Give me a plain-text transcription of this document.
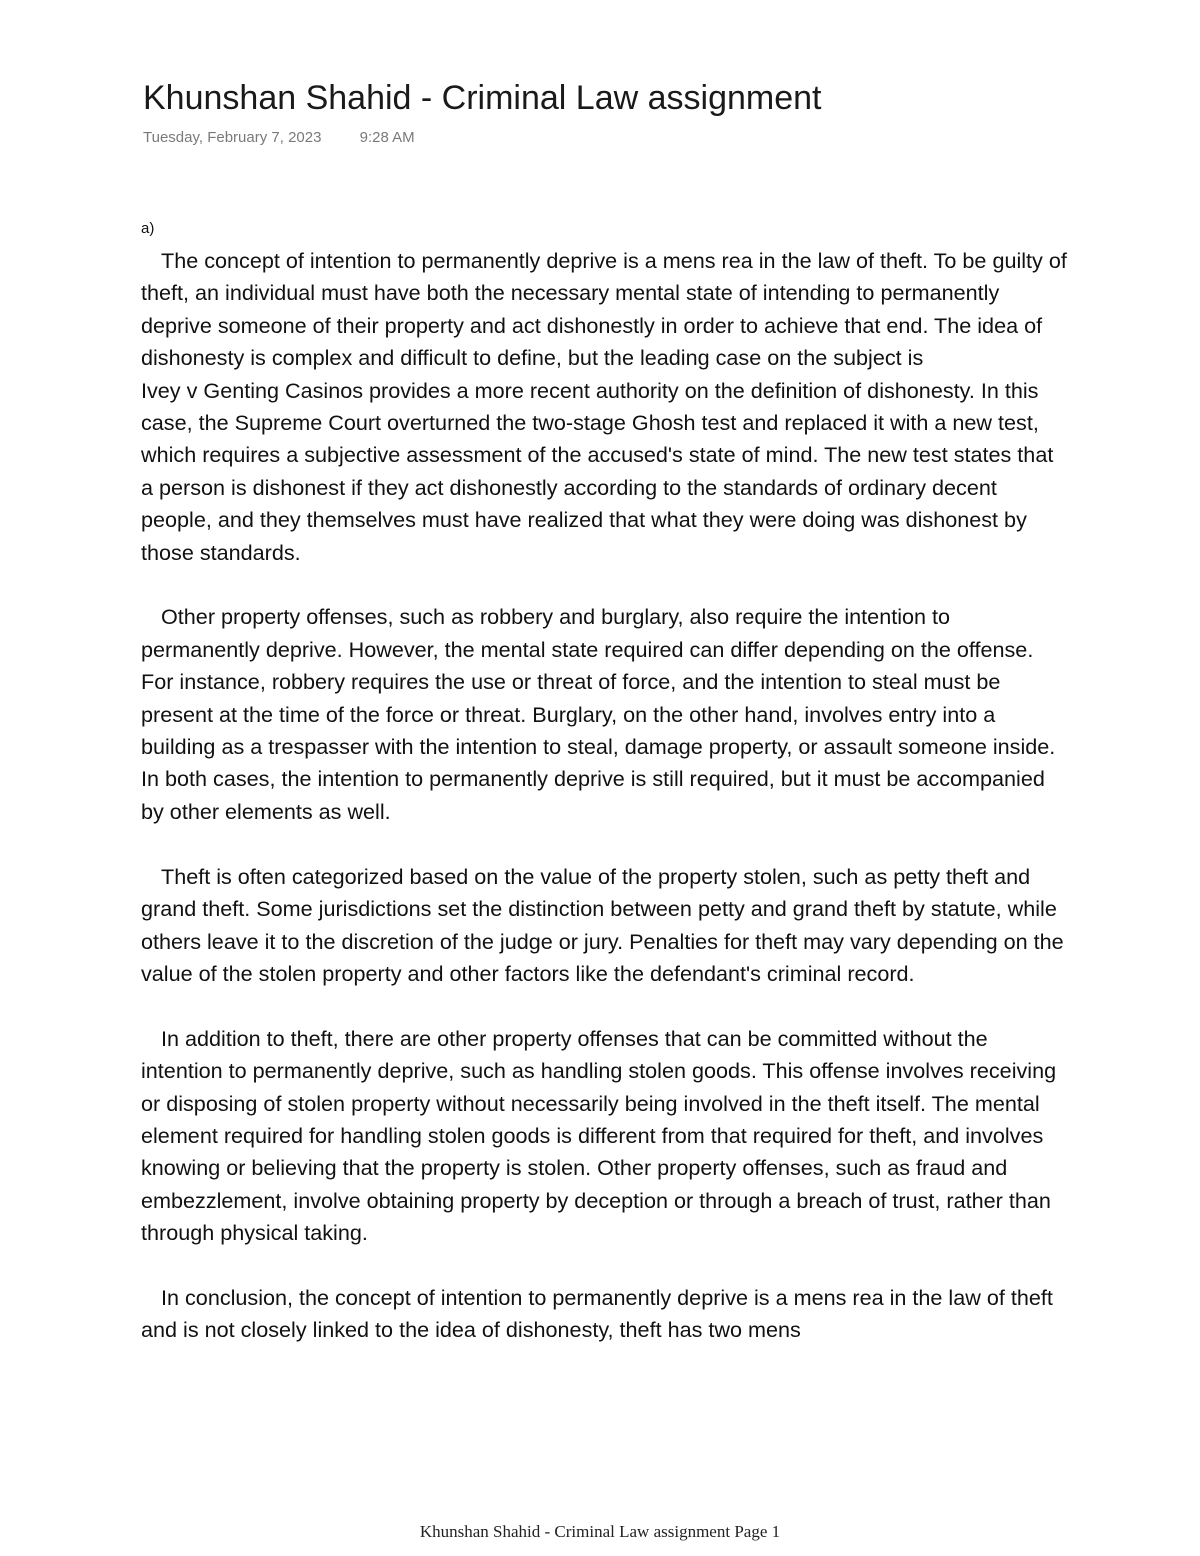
Khunshan Shahid - Criminal Law assignment
Tuesday, February 7, 2023	9:28 AM
a)

The concept of intention to permanently deprive is a mens rea in the law of theft. To be guilty of theft, an individual must have both the necessary mental state of intending to permanently deprive someone of their property and act dishonestly in order to achieve that end. The idea of dishonesty is complex and difficult to define, but the leading case on the subject is

Ivey v Genting Casinos provides a more recent authority on the definition of dishonesty. In this case, the Supreme Court overturned the two-stage Ghosh test and replaced it with a new test, which requires a subjective assessment of the accused's state of mind. The new test states that a person is dishonest if they act dishonestly according to the standards of ordinary decent people, and they themselves must have realized that what they were doing was dishonest by those standards.

Other property offenses, such as robbery and burglary, also require the intention to permanently deprive. However, the mental state required can differ depending on the offense. For instance, robbery requires the use or threat of force, and the intention to steal must be present at the time of the force or threat. Burglary, on the other hand, involves entry into a building as a trespasser with the intention to steal, damage property, or assault someone inside. In both cases, the intention to permanently deprive is still required, but it must be accompanied by other elements as well.

Theft is often categorized based on the value of the property stolen, such as petty theft and grand theft. Some jurisdictions set the distinction between petty and grand theft by statute, while others leave it to the discretion of the judge or jury. Penalties for theft may vary depending on the value of the stolen property and other factors like the defendant's criminal record.

In addition to theft, there are other property offenses that can be committed without the intention to permanently deprive, such as handling stolen goods. This offense involves receiving or disposing of stolen property without necessarily being involved in the theft itself. The mental element required for handling stolen goods is different from that required for theft, and involves knowing or believing that the property is stolen. Other property offenses, such as fraud and embezzlement, involve obtaining property by deception or through a breach of trust, rather than through physical taking.

In conclusion, the concept of intention to permanently deprive is a mens rea in the law of theft and is not closely linked to the idea of dishonesty, theft has two mens

Khunshan Shahid - Criminal Law assignment Page 1
